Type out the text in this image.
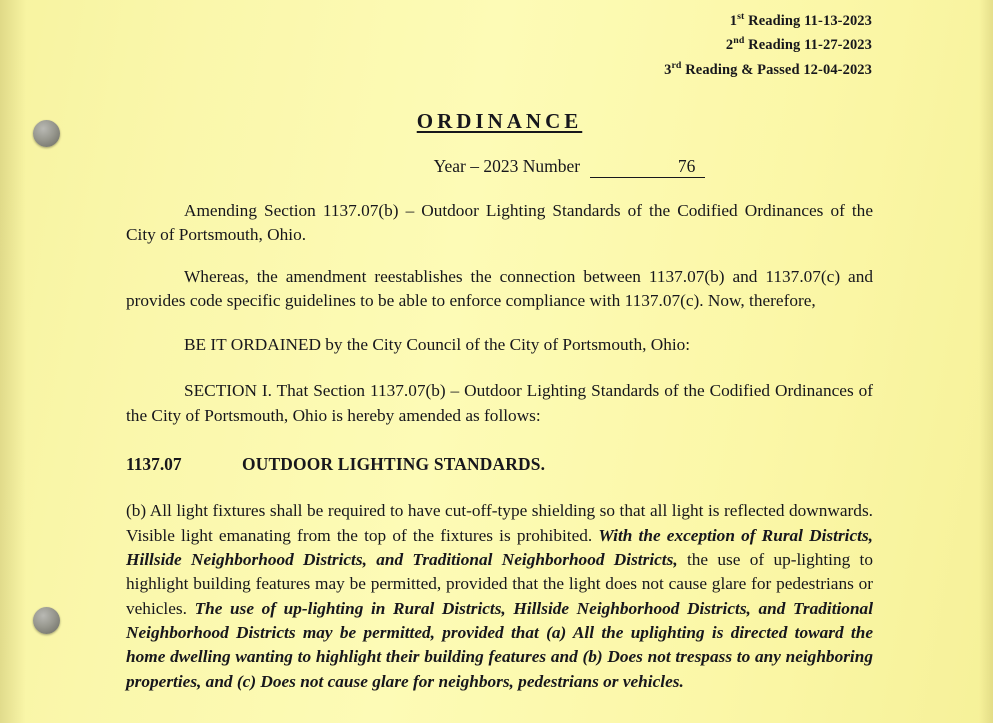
1st Reading 11-13-2023
2nd Reading 11-27-2023
3rd Reading & Passed 12-04-2023
ORDINANCE
Year – 2023 Number	76

Amending Section 1137.07(b) – Outdoor Lighting Standards of the Codified Ordinances of the City of Portsmouth, Ohio.

Whereas, the amendment reestablishes the connection between 1137.07(b) and 1137.07(c) and provides code specific guidelines to be able to enforce compliance with 1137.07(c). Now, therefore,

BE IT ORDAINED by the City Council of the City of Portsmouth, Ohio:

SECTION I. That Section 1137.07(b) – Outdoor Lighting Standards of the Codified Ordinances of the City of Portsmouth, Ohio is hereby amended as follows:

1137.07	OUTDOOR LIGHTING STANDARDS.

(b) All light fixtures shall be required to have cut-off-type shielding so that all light is reflected downwards. Visible light emanating from the top of the fixtures is prohibited. With the exception of Rural Districts, Hillside Neighborhood Districts, and Traditional Neighborhood Districts, the use of up-lighting to highlight building features may be permitted, provided that the light does not cause glare for pedestrians or vehicles. The use of up-lighting in Rural Districts, Hillside Neighborhood Districts, and Traditional Neighborhood Districts may be permitted, provided that (a) All the uplighting is directed toward the home dwelling wanting to highlight their building features and (b) Does not trespass to any neighboring properties, and (c) Does not cause glare for neighbors, pedestrians or vehicles.
